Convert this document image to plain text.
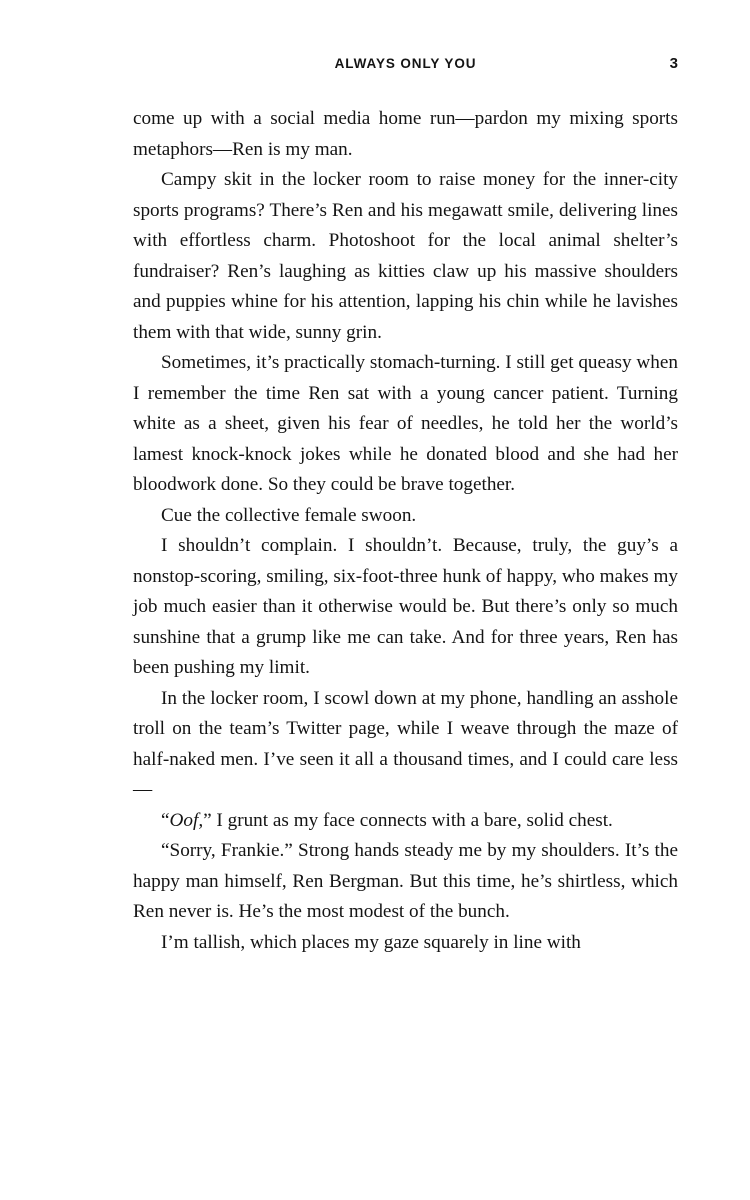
ALWAYS ONLY YOU	3

come up with a social media home run—pardon my mixing sports metaphors—Ren is my man.

Campy skit in the locker room to raise money for the inner-city sports programs? There’s Ren and his megawatt smile, delivering lines with effortless charm. Photoshoot for the local animal shelter’s fundraiser? Ren’s laughing as kitties claw up his massive shoulders and puppies whine for his attention, lapping his chin while he lavishes them with that wide, sunny grin.

Sometimes, it’s practically stomach-turning. I still get queasy when I remember the time Ren sat with a young cancer patient. Turning white as a sheet, given his fear of needles, he told her the world’s lamest knock-knock jokes while he donated blood and she had her bloodwork done. So they could be brave together.

Cue the collective female swoon.

I shouldn’t complain. I shouldn’t. Because, truly, the guy’s a nonstop-scoring, smiling, six-foot-three hunk of happy, who makes my job much easier than it otherwise would be. But there’s only so much sunshine that a grump like me can take. And for three years, Ren has been pushing my limit.

In the locker room, I scowl down at my phone, handling an asshole troll on the team’s Twitter page, while I weave through the maze of half-naked men. I’ve seen it all a thousand times, and I could care less—

“Oof,” I grunt as my face connects with a bare, solid chest.

“Sorry, Frankie.” Strong hands steady me by my shoulders. It’s the happy man himself, Ren Bergman. But this time, he’s shirtless, which Ren never is. He’s the most modest of the bunch.

I’m tallish, which places my gaze squarely in line with
